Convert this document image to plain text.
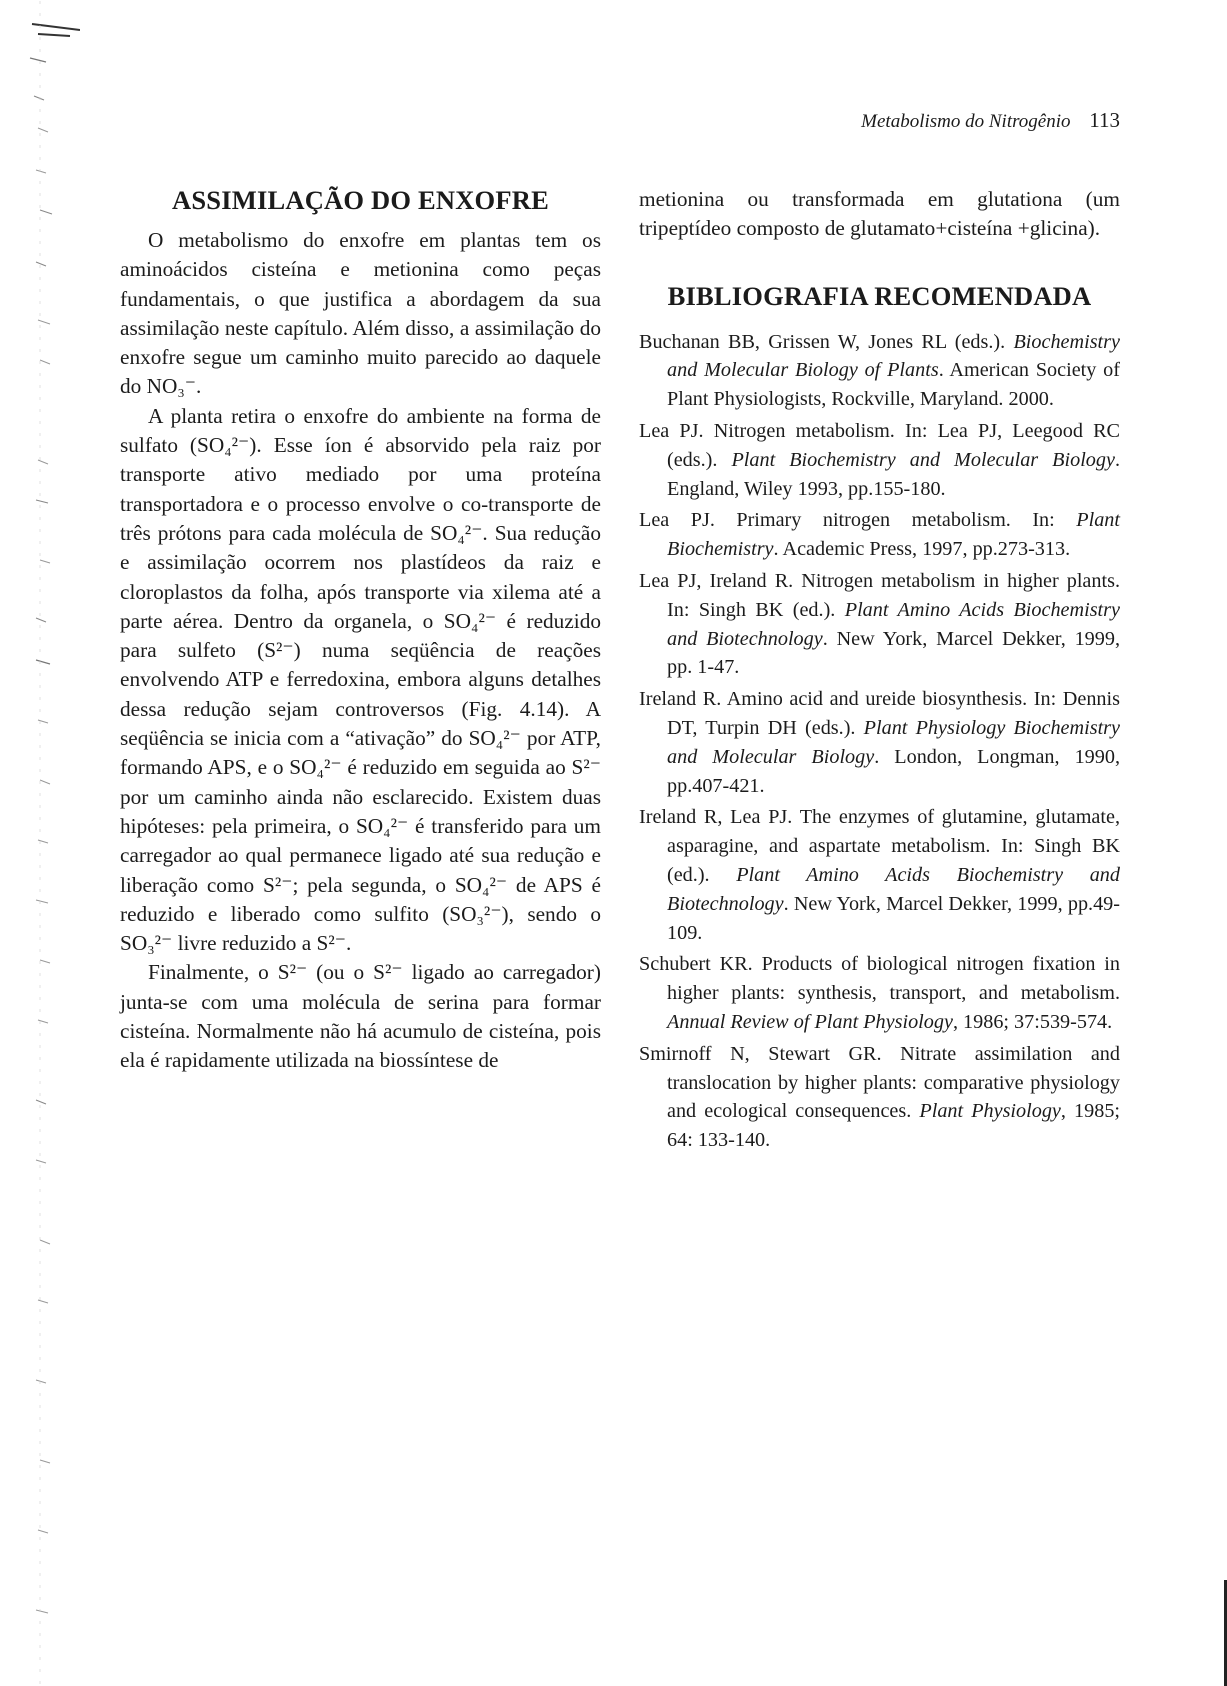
Metabolismo do Nitrogênio 113
ASSIMILAÇÃO DO ENXOFRE

O metabolismo do enxofre em plantas tem os aminoácidos cisteína e metionina como peças fundamentais, o que justifica a abordagem da sua assimilação neste capítulo. Além disso, a assimilação do enxofre segue um caminho muito parecido ao daquele do NO₃⁻.

A planta retira o enxofre do ambiente na forma de sulfato (SO₄²⁻). Esse íon é absorvido pela raiz por transporte ativo mediado por uma proteína transportadora e o processo envolve o co-transporte de três prótons para cada molécula de SO₄²⁻. Sua redução e assimilação ocorrem nos plastídeos da raiz e cloroplastos da folha, após transporte via xilema até a parte aérea. Dentro da organela, o SO₄²⁻ é reduzido para sulfeto (S²⁻) numa seqüência de reações envolvendo ATP e ferredoxina, embora alguns detalhes dessa redução sejam controversos (Fig. 4.14). A seqüência se inicia com a “ativação” do SO₄²⁻ por ATP, formando APS, e o SO₄²⁻ é reduzido em seguida ao S²⁻ por um caminho ainda não esclarecido. Existem duas hipóteses: pela primeira, o SO₄²⁻ é transferido para um carregador ao qual permanece ligado até sua redução e liberação como S²⁻; pela segunda, o SO₄²⁻ de APS é reduzido e liberado como sulfito (SO₃²⁻), sendo o SO₃²⁻ livre reduzido a S²⁻.

Finalmente, o S²⁻ (ou o S²⁻ ligado ao carregador) junta-se com uma molécula de serina para formar cisteína. Normalmente não há acumulo de cisteína, pois ela é rapidamente utilizada na biossíntese de

metionina ou transformada em glutationa (um tripeptídeo composto de glutamato+cisteína +glicina).

BIBLIOGRAFIA RECOMENDADA

Buchanan BB, Grissen W, Jones RL (eds.). Biochemistry and Molecular Biology of Plants. American Society of Plant Physiologists, Rockville, Maryland. 2000.

Lea PJ. Nitrogen metabolism. In: Lea PJ, Leegood RC (eds.). Plant Biochemistry and Molecular Biology. England, Wiley 1993, pp.155-180.

Lea PJ. Primary nitrogen metabolism. In: Plant Biochemistry. Academic Press, 1997, pp.273-313.

Lea PJ, Ireland R. Nitrogen metabolism in higher plants. In: Singh BK (ed.). Plant Amino Acids Biochemistry and Biotechnology. New York, Marcel Dekker, 1999, pp. 1-47.

Ireland R. Amino acid and ureide biosynthesis. In: Dennis DT, Turpin DH (eds.). Plant Physiology Biochemistry and Molecular Biology. London, Longman, 1990, pp.407-421.

Ireland R, Lea PJ. The enzymes of glutamine, glutamate, asparagine, and aspartate metabolism. In: Singh BK (ed.). Plant Amino Acids Biochemistry and Biotechnology. New York, Marcel Dekker, 1999, pp.49-109.

Schubert KR. Products of biological nitrogen fixation in higher plants: synthesis, transport, and metabolism. Annual Review of Plant Physiology, 1986; 37:539-574.

Smirnoff N, Stewart GR. Nitrate assimilation and translocation by higher plants: comparative physiology and ecological consequences. Plant Physiology, 1985; 64: 133-140.
